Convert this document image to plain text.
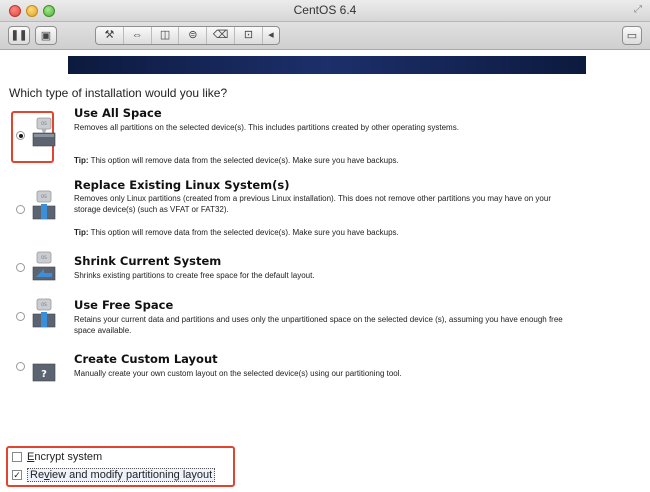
CentOS 6.4	⤢
❚❚ ▣	⚒	⇔	◫	⊜	⌫	⊡	◂	▭
Which type of installation would you like?
OS
Use All Space
Removes all partitions on the selected device(s). This includes partitions created by other operating systems.
Tip: This option will remove data from the selected device(s). Make sure you have backups.
OS
Replace Existing Linux System(s)
Removes only Linux partitions (created from a previous Linux installation). This does not remove other partitions you may have on your storage device(s) (such as VFAT or FAT32).
Tip: This option will remove data from the selected device(s). Make sure you have backups.
OS Shrink Current System
Shrinks existing partitions to create free space for the default layout.
OS Use Free Space
Retains your current data and partitions and uses only the unpartitioned space on the selected device (s), assuming you have enough free space available.
?
Create Custom Layout
Manually create your own custom layout on the selected device(s) using our partitioning tool.
Encrypt system
✓ Review and modify partitioning layout
